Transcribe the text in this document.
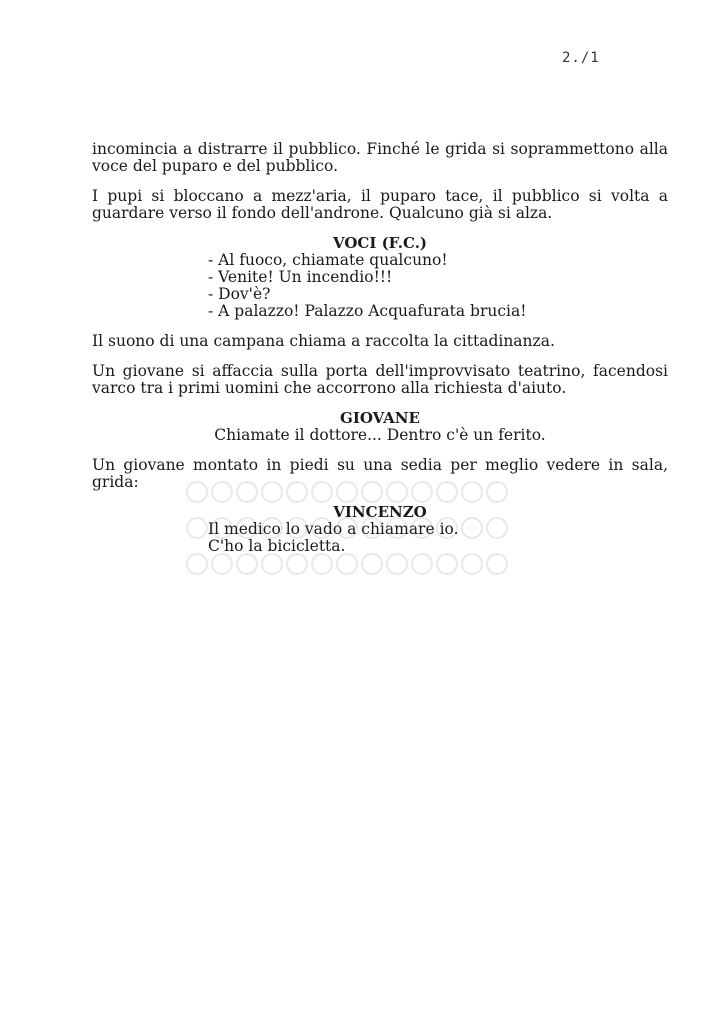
2./1

incomincia a distrarre il pubblico. Finché le grida si soprammettono alla voce del puparo e del pubblico.

I pupi si bloccano a mezz'aria, il puparo tace, il pubblico si volta a guardare verso il fondo dell'androne. Qualcuno già si alza.

VOCI (F.C.)

- Al fuoco, chiamate qualcuno!

- Venite! Un incendio!!!

- Dov'è?

- A palazzo! Palazzo Acquafurata brucia!

Il suono di una campana chiama a raccolta la cittadinanza.

Un giovane si affaccia sulla porta dell'improvvisato teatrino, facendosi varco tra i primi uomini che accorrono alla richiesta d'aiuto.

GIOVANE

Chiamate il dottore... Dentro c'è un ferito.

Un giovane montato in piedi su una sedia per meglio vedere in sala, grida:

VINCENZO

Il medico lo vado a chiamare io. C'ho la bicicletta.
